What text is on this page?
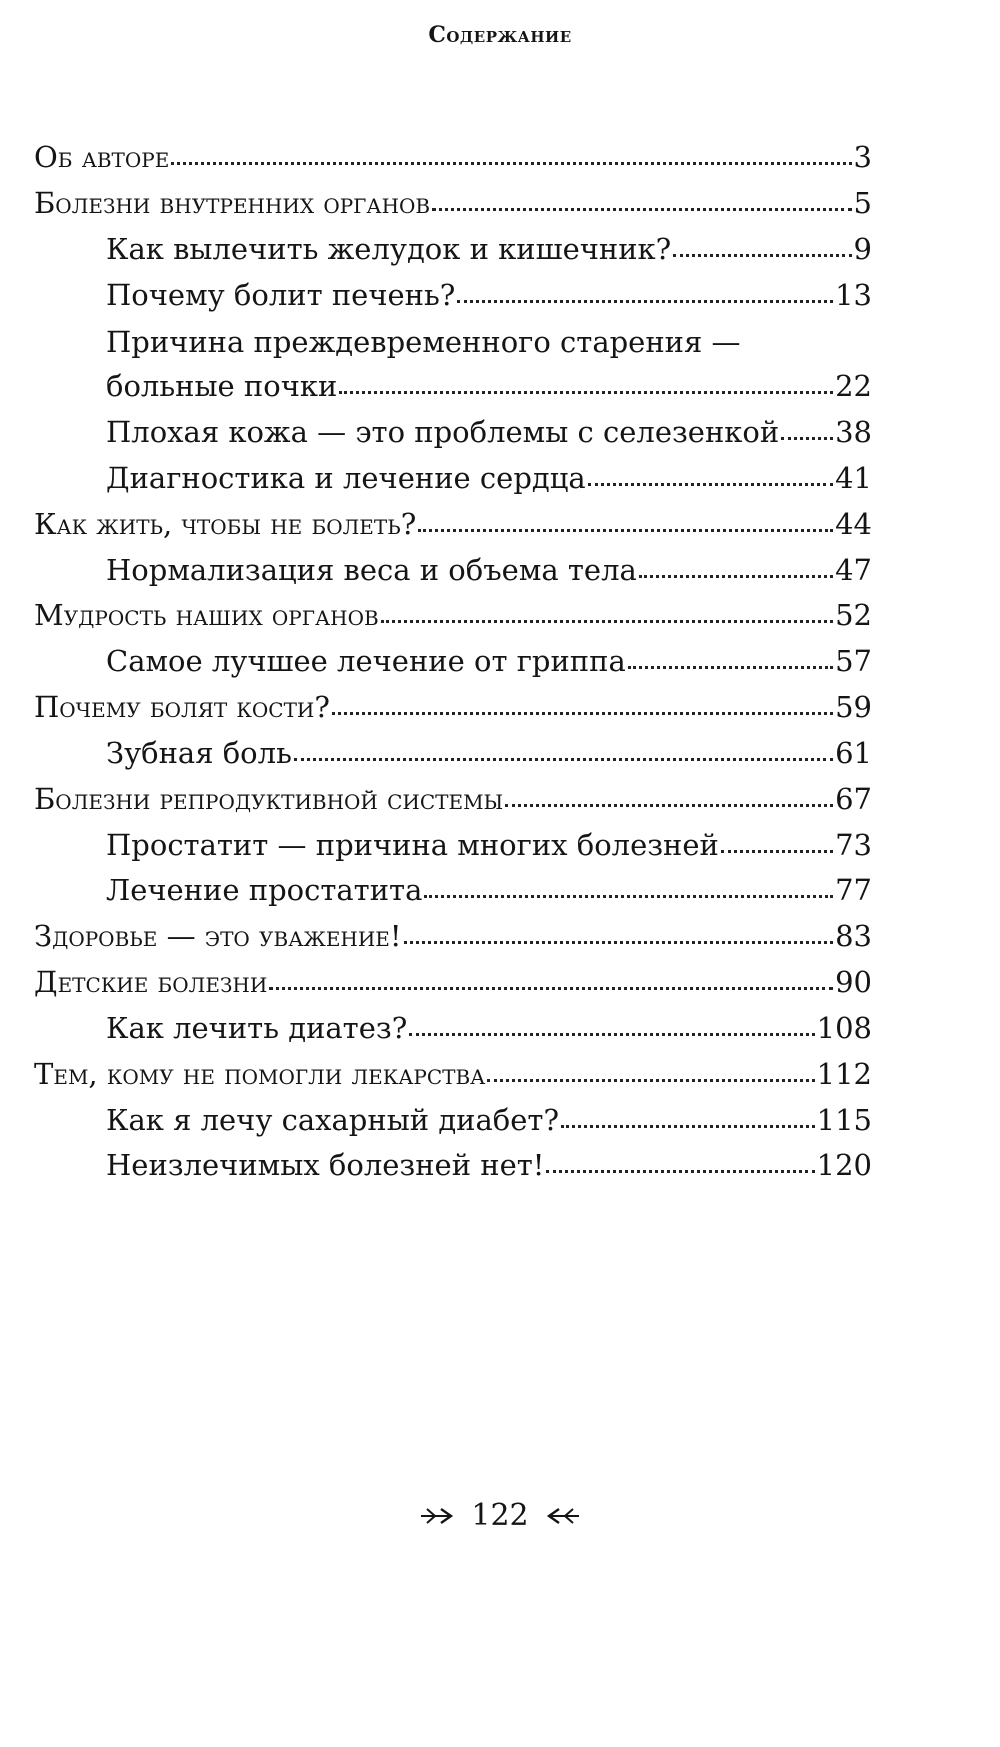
Содержание
Об авторе	3
Болезни внутренних органов	5
Как вылечить желудок и кишечник?	9
Почему болит печень?	13
Причина преждевременного старения —
больные почки	22
Плохая кожа — это проблемы с селезенкой 38
Диагностика и лечение сердца	41
Как жить, чтобы не болеть?	44
Нормализация веса и объема тела	47
Мудрость наших органов	52
Самое лучшее лечение от гриппа	57
Почему болят кости?	59
Зубная боль	61
Болезни репродуктивной системы	67
Простатит — причина многих болезней	73
Лечение простатита	77
Здоровье — это уважение!	83
Детские болезни	90
Как лечить диатез?	108
Тем, кому не помогли лекарства	112
Как я лечу сахарный диабет?	115
Неизлечимых болезней нет!	120
122
